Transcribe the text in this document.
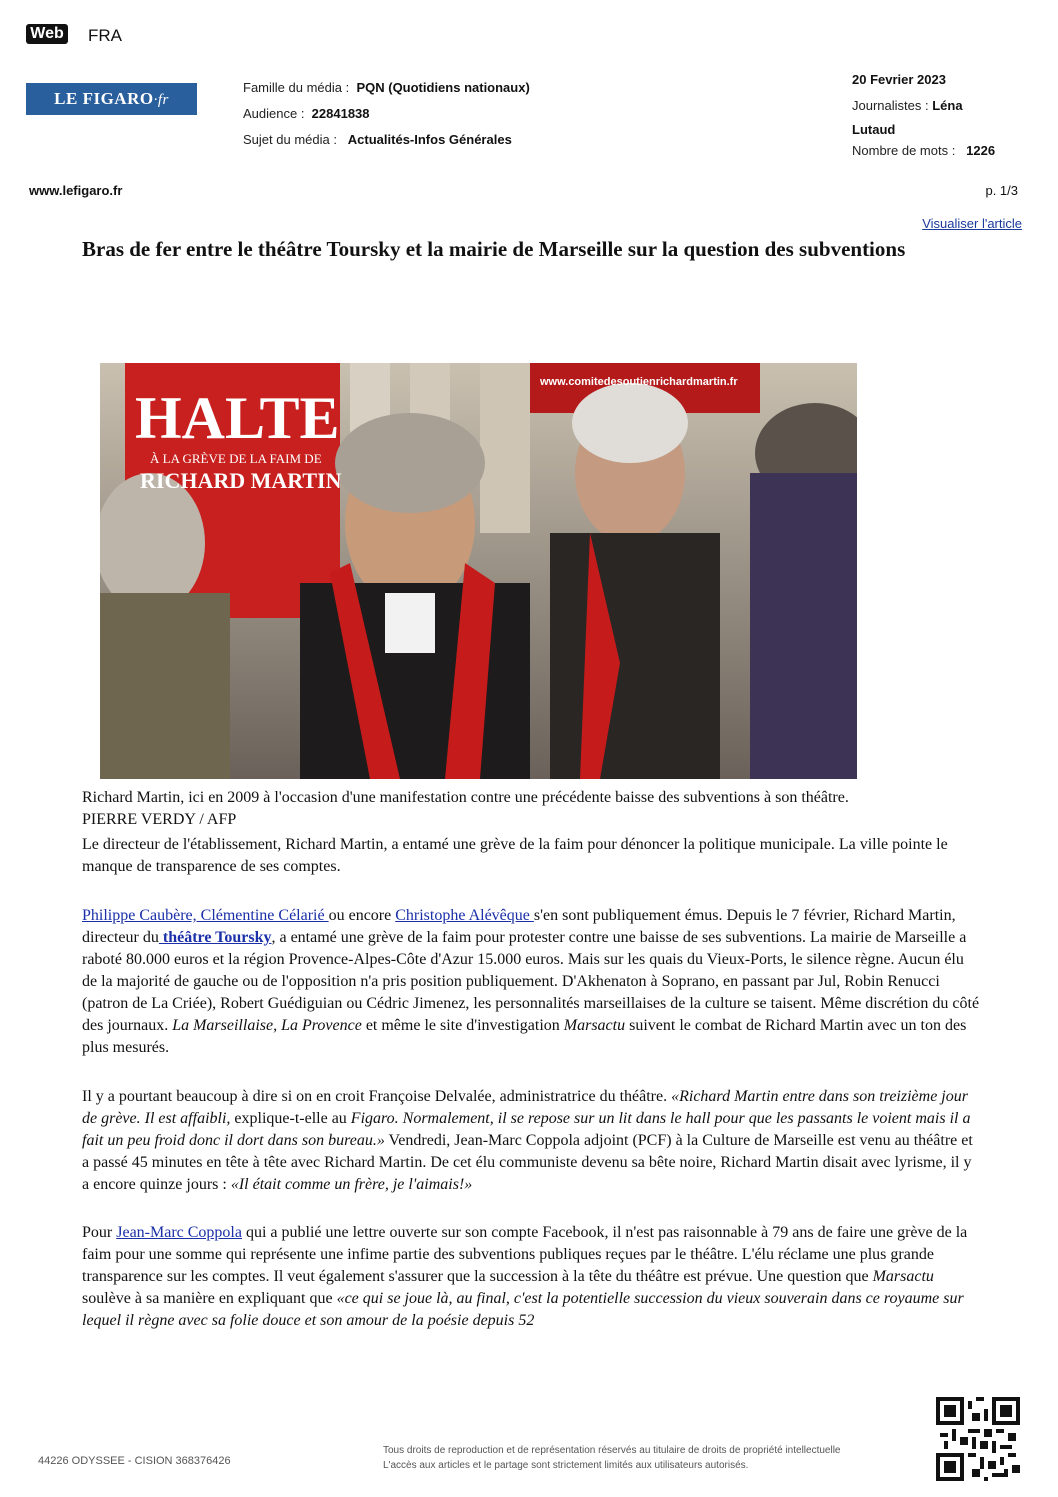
Web FRA
LE FIGARO·fr
Famille du média : PQN (Quotidiens nationaux)
Audience : 22841838
Sujet du média : Actualités-Infos Générales
20 Fevrier 2023
Journalistes : Léna
Lutaud
Nombre de mots : 1226
www.lefigaro.fr	p. 1/3
Visualiser l'article
Bras de fer entre le théâtre Toursky et la mairie de Marseille sur la question des subventions
HALTE
À LA GRÈVE DE LA FAIM DE
RICHARD MARTIN
www.comitedesoutienrichardmartin.fr
Richard Martin, ici en 2009 à l'occasion d'une manifestation contre une précédente baisse des subventions à son théâtre.
PIERRE VERDY / AFP
Le directeur de l'établissement, Richard Martin, a entamé une grève de la faim pour dénoncer la politique municipale. La ville pointe le manque de transparence de ses comptes.
Philippe Caubère, Clémentine Célarié ou encore Christophe Alévêque s'en sont publiquement émus. Depuis le 7 février, Richard Martin, directeur du théâtre Toursky, a entamé une grève de la faim pour protester contre une baisse de ses subventions. La mairie de Marseille a raboté 80.000 euros et la région Provence-Alpes-Côte d'Azur 15.000 euros. Mais sur les quais du Vieux-Ports, le silence règne. Aucun élu de la majorité de gauche ou de l'opposition n'a pris position publiquement. D'Akhenaton à Soprano, en passant par Jul, Robin Renucci (patron de La Criée), Robert Guédiguian ou Cédric Jimenez, les personnalités marseillaises de la culture se taisent. Même discrétion du côté des journaux. La Marseillaise, La Provence et même le site d'investigation Marsactu suivent le combat de Richard Martin avec un ton des plus mesurés.
Il y a pourtant beaucoup à dire si on en croit Françoise Delvalée, administratrice du théâtre. «Richard Martin entre dans son treizième jour de grève. Il est affaibli, explique-t-elle au Figaro. Normalement, il se repose sur un lit dans le hall pour que les passants le voient mais il a fait un peu froid donc il dort dans son bureau.» Vendredi, Jean-Marc Coppola adjoint (PCF) à la Culture de Marseille est venu au théâtre et a passé 45 minutes en tête à tête avec Richard Martin. De cet élu communiste devenu sa bête noire, Richard Martin disait avec lyrisme, il y a encore quinze jours : «Il était comme un frère, je l'aimais!»
Pour Jean-Marc Coppola qui a publié une lettre ouverte sur son compte Facebook, il n'est pas raisonnable à 79 ans de faire une grève de la faim pour une somme qui représente une infime partie des subventions publiques reçues par le théâtre. L'élu réclame une plus grande transparence sur les comptes. Il veut également s'assurer que la succession à la tête du théâtre est prévue. Une question que Marsactu soulève à sa manière en expliquant que «ce qui se joue là, au final, c'est la potentielle succession du vieux souverain dans ce royaume sur lequel il règne avec sa folie douce et son amour de la poésie depuis 52
44226 ODYSSEE - CISION 368376426
Tous droits de reproduction et de représentation réservés au titulaire de droits de propriété intellectuelle
L'accès aux articles et le partage sont strictement limités aux utilisateurs autorisés.
